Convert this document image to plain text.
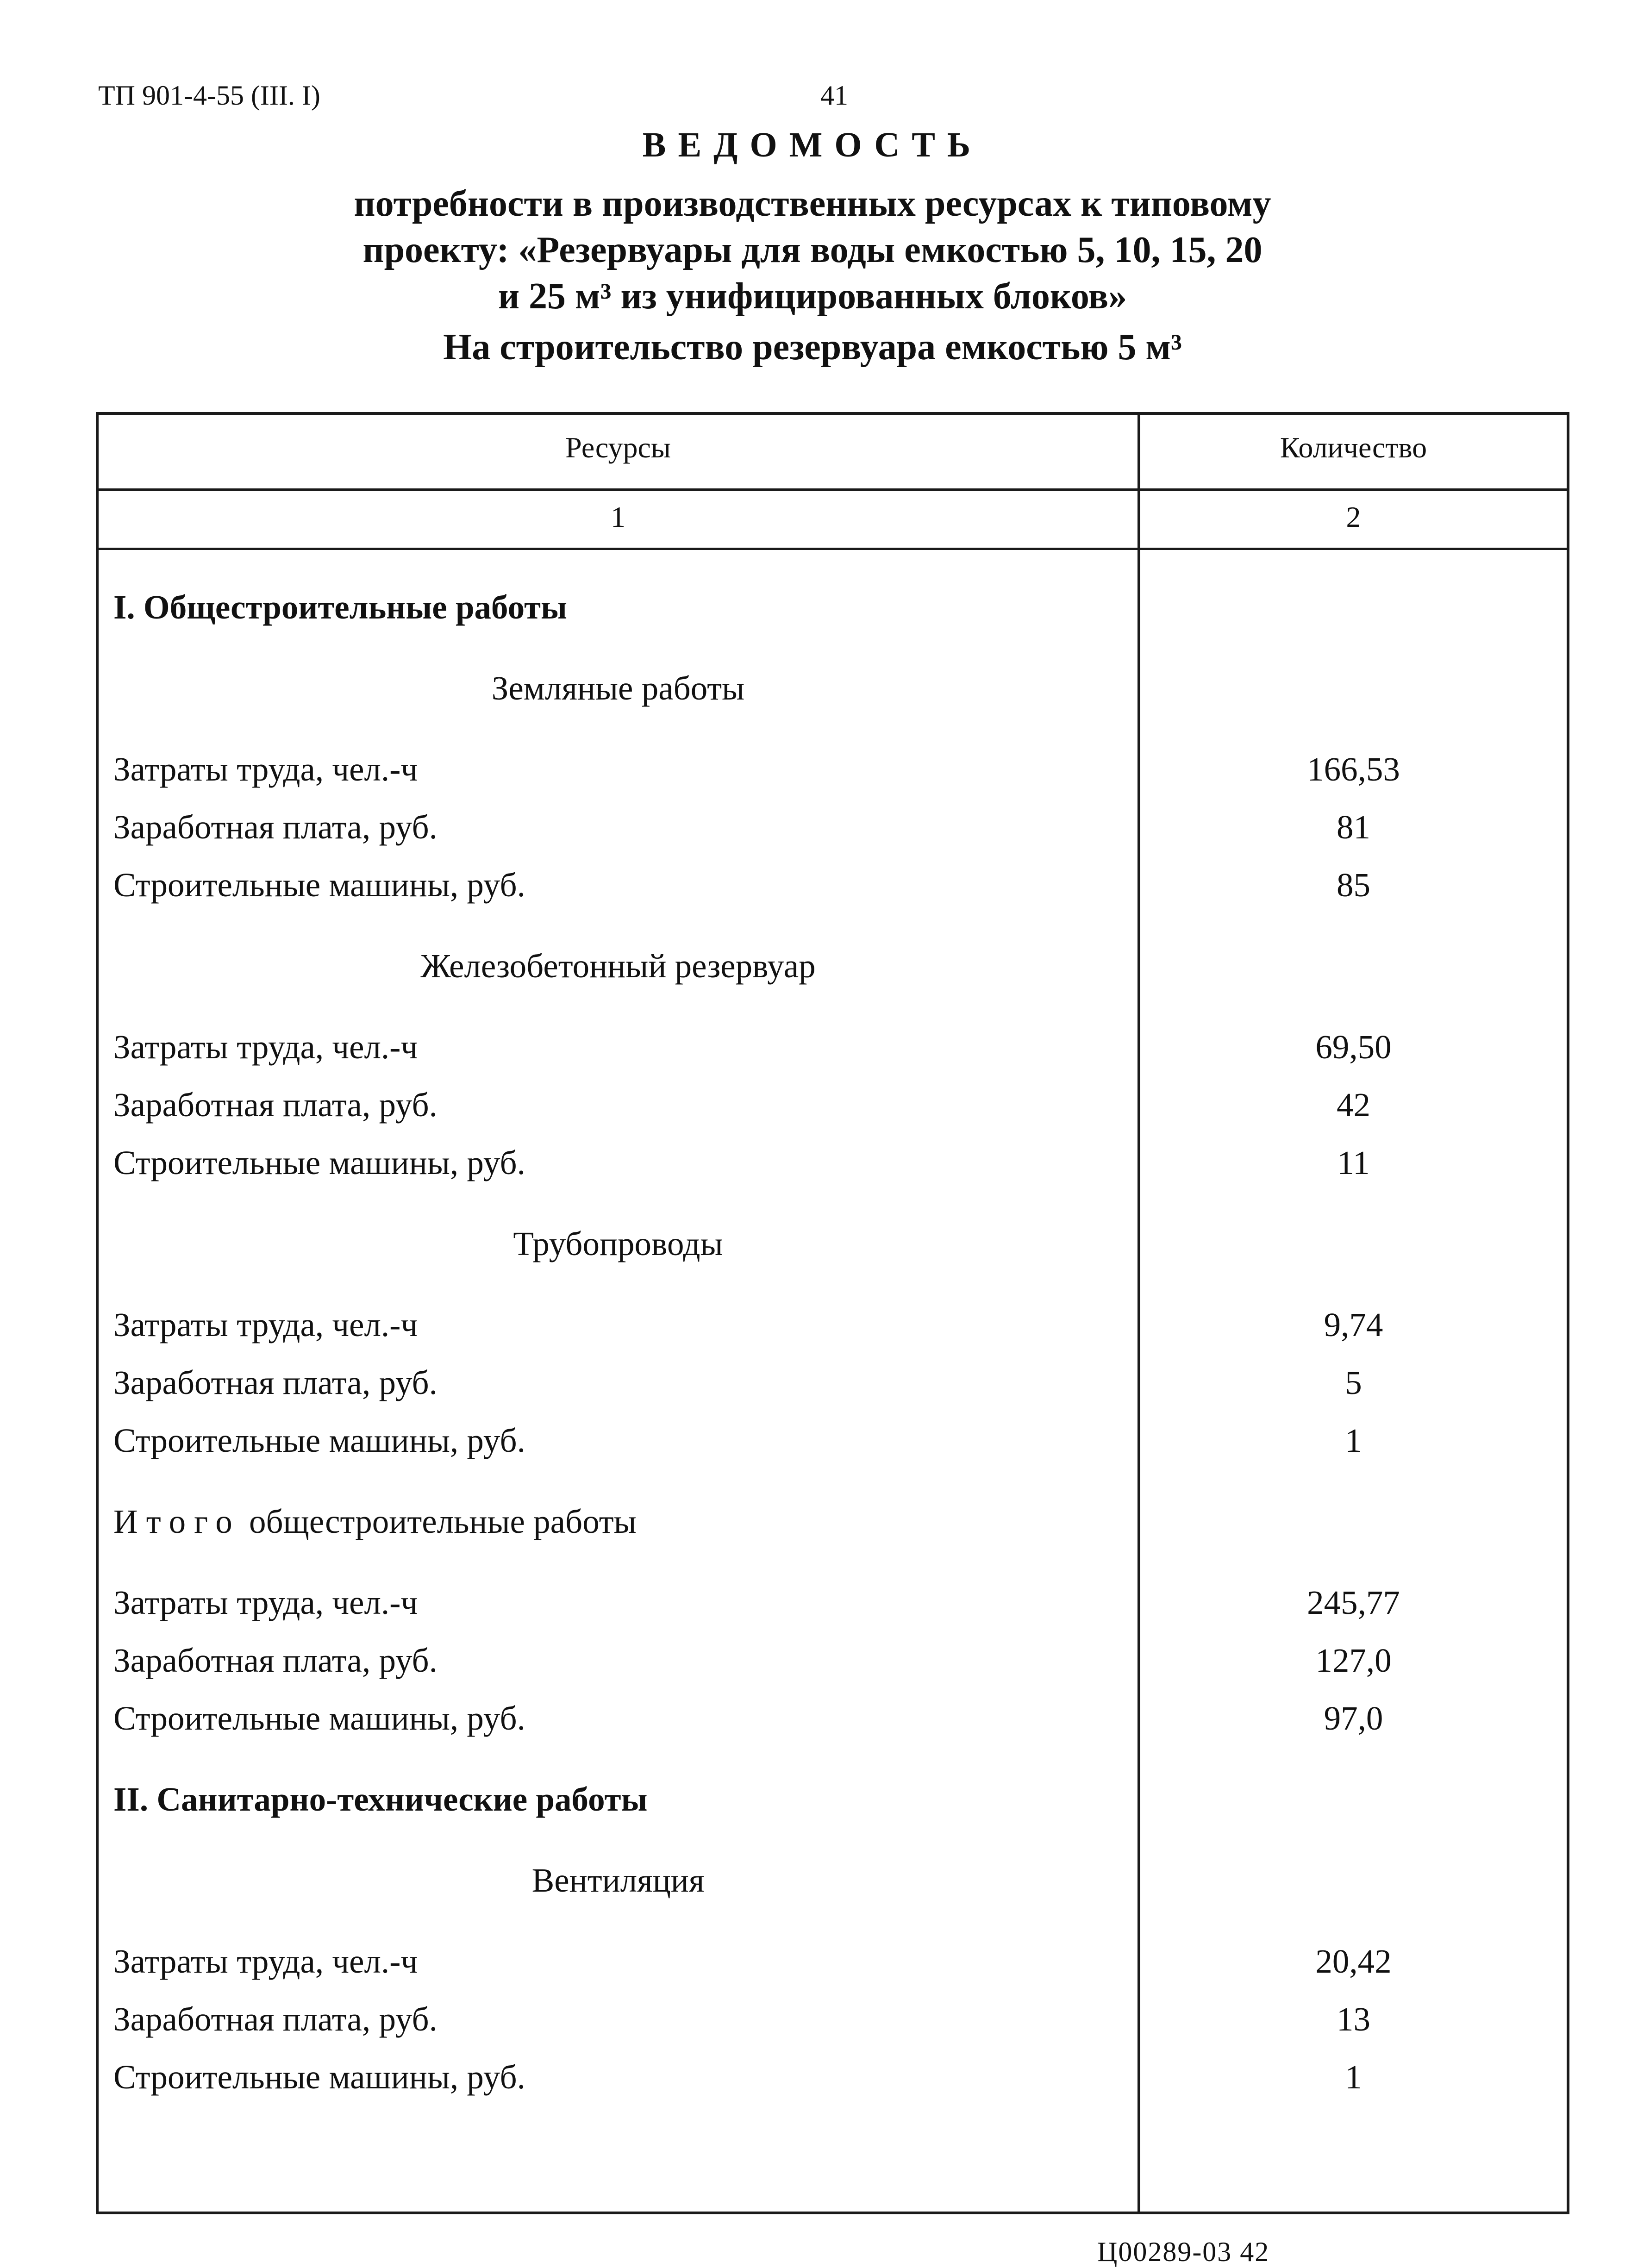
ТП 901-4-55 (III. I)	41
ВЕДОМОСТЬ
потребности в производственных ресурсах к типовому
проекту: «Резервуары для воды емкостью 5, 10, 15, 20
и 25 м³ из унифицированных блоков»
На строительство резервуара емкостью 5 м³
Ресурсы	Количество
1	2
I. Общестроительные работы
Земляные работы
Затраты труда, чел.-ч	166,53
Заработная плата, руб.	81
Строительные машины, руб.	85
Железобетонный резервуар
Затраты труда, чел.-ч	69,50
Заработная плата, руб.	42
Строительные машины, руб.	11
Трубопроводы
Затраты труда, чел.-ч	9,74
Заработная плата, руб.	5
Строительные машины, руб.	1
Итого общестроительные работы
Затраты труда, чел.-ч	245,77
Заработная плата, руб.	127,0
Строительные машины, руб.	97,0
II. Санитарно-технические работы
Вентиляция
Затраты труда, чел.-ч	20,42
Заработная плата, руб.	13
Строительные машины, руб.	1
Ц00289-03 42
